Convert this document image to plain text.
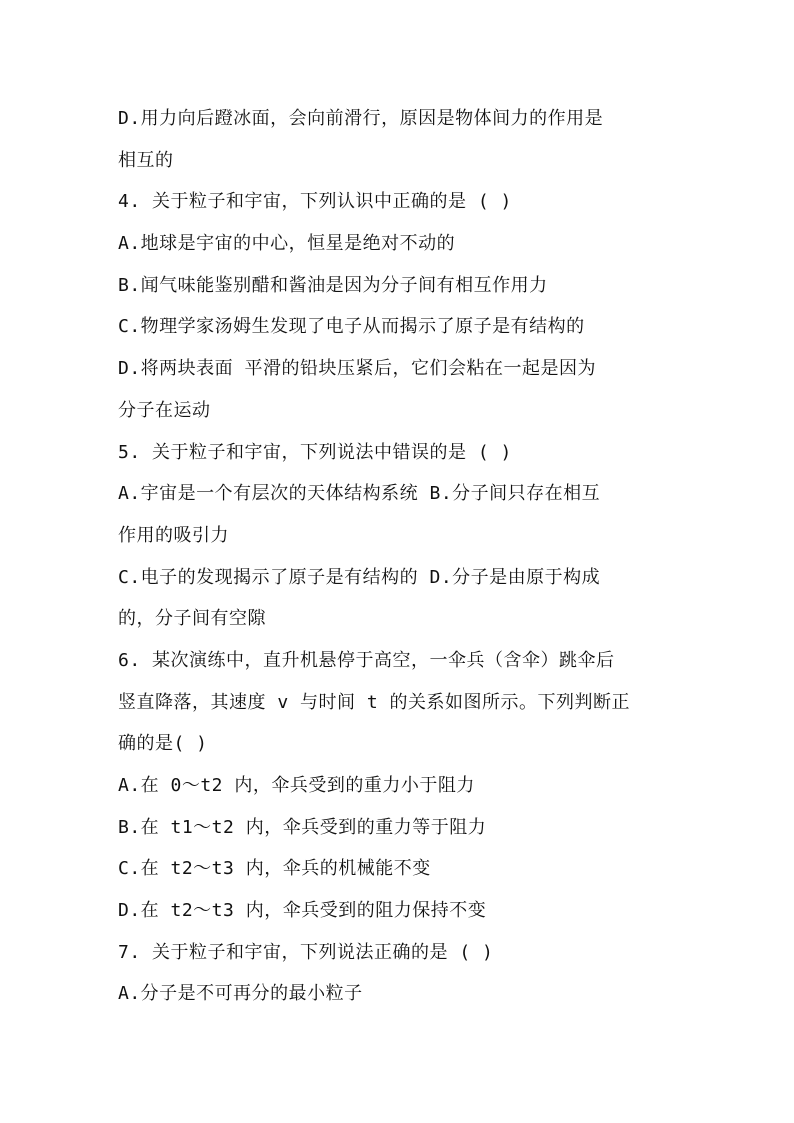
D.用力向后蹬冰面，会向前滑行，原因是物体间力的作用是
相互的
4. 关于粒子和宇宙，下列认识中正确的是 ( )
A.地球是宇宙的中心，恒星是绝对不动的
B.闻气味能鉴别醋和酱油是因为分子间有相互作用力
C.物理学家汤姆生发现了电子从而揭示了原子是有结构的
D.将两块表面 平滑的铅块压紧后，它们会粘在一起是因为
分子在运动
5. 关于粒子和宇宙，下列说法中错误的是 ( )
A.宇宙是一个有层次的天体结构系统 B.分子间只存在相互
作用的吸引力
C.电子的发现揭示了原子是有结构的 D.分子是由原于构成
的，分子间有空隙
6. 某次演练中，直升机悬停于高空，一伞兵（含伞）跳伞后
竖直降落，其速度 v 与时间 t 的关系如图所示。下列判断正
确的是( )
A.在 0～t2 内，伞兵受到的重力小于阻力
B.在 t1～t2 内，伞兵受到的重力等于阻力
C.在 t2～t3 内，伞兵的机械能不变
D.在 t2～t3 内，伞兵受到的阻力保持不变
7. 关于粒子和宇宙，下列说法正确的是 ( )
A.分子是不可再分的最小粒子
